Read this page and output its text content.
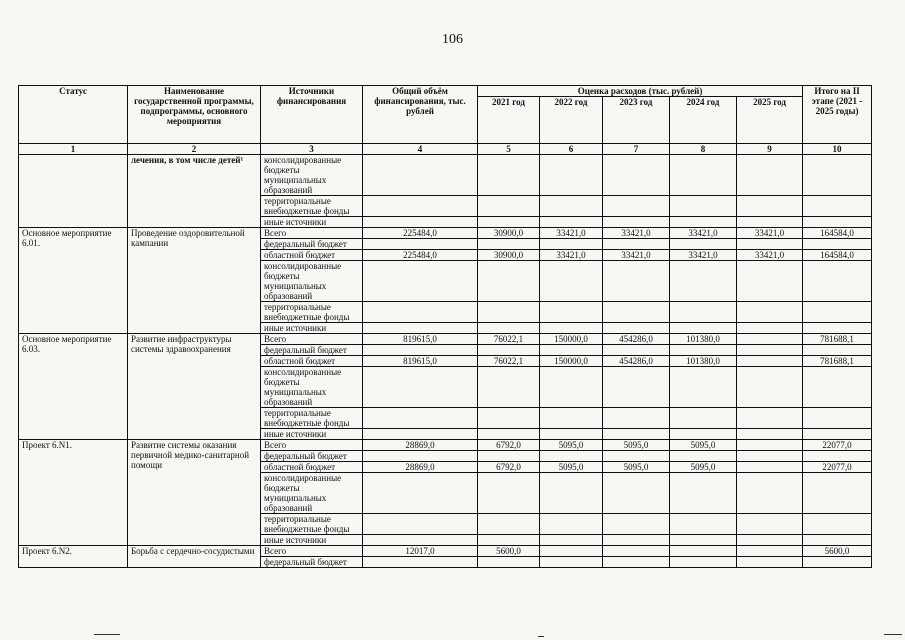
106
Статус	Наименование государственной программы, подпрограммы, основного мероприятия	Источники финансирования	Общий объём финансирования, тыс. рублей	Оценка расходов (тыс. рублей)					Итого на II этапе (2021 - 2025 годы)
				2021 год	2022 год	2023 год	2024 год	2025 год	
1	2	3	4	5	6	7	8	9	10
	лечения, в том числе детей¹	консолидированные бюджеты муниципальных образований							
		территориальные внебюджетные фонды							
		иные источники							
Основное мероприятие 6.01.	Проведение оздоровительной кампании	Всего	225484,0	30900,0	33421,0	33421,0	33421,0	33421,0	164584,0
		федеральный бюджет							
		областной бюджет	225484,0	30900,0	33421,0	33421,0	33421,0	33421,0	164584,0
		консолидированные бюджеты муниципальных образований							
		территориальные внебюджетные фонды							
		иные источники							
Основное мероприятие 6.03.	Развитие инфраструктуры системы здравоохранения	Всего	819615,0	76022,1	150000,0	454286,0	101380,0		781688,1
		федеральный бюджет							
		областной бюджет	819615,0	76022,1	150000,0	454286,0	101380,0		781688,1
		консолидированные бюджеты муниципальных образований							
		территориальные внебюджетные фонды							
		иные источники							
Проект 6.N1.	Развитие системы оказания первичной медико-санитарной помощи	Всего	28869,0	6792,0	5095,0	5095,0	5095,0		22077,0
		федеральный бюджет							
		областной бюджет	28869,0	6792,0	5095,0	5095,0	5095,0		22077,0
		консолидированные бюджеты муниципальных образований							
		территориальные внебюджетные фонды							
		иные источники							
Проект 6.N2.	Борьба с сердечно-сосудистыми	Всего	12017,0	5600,0					5600,0
		федеральный бюджет							
